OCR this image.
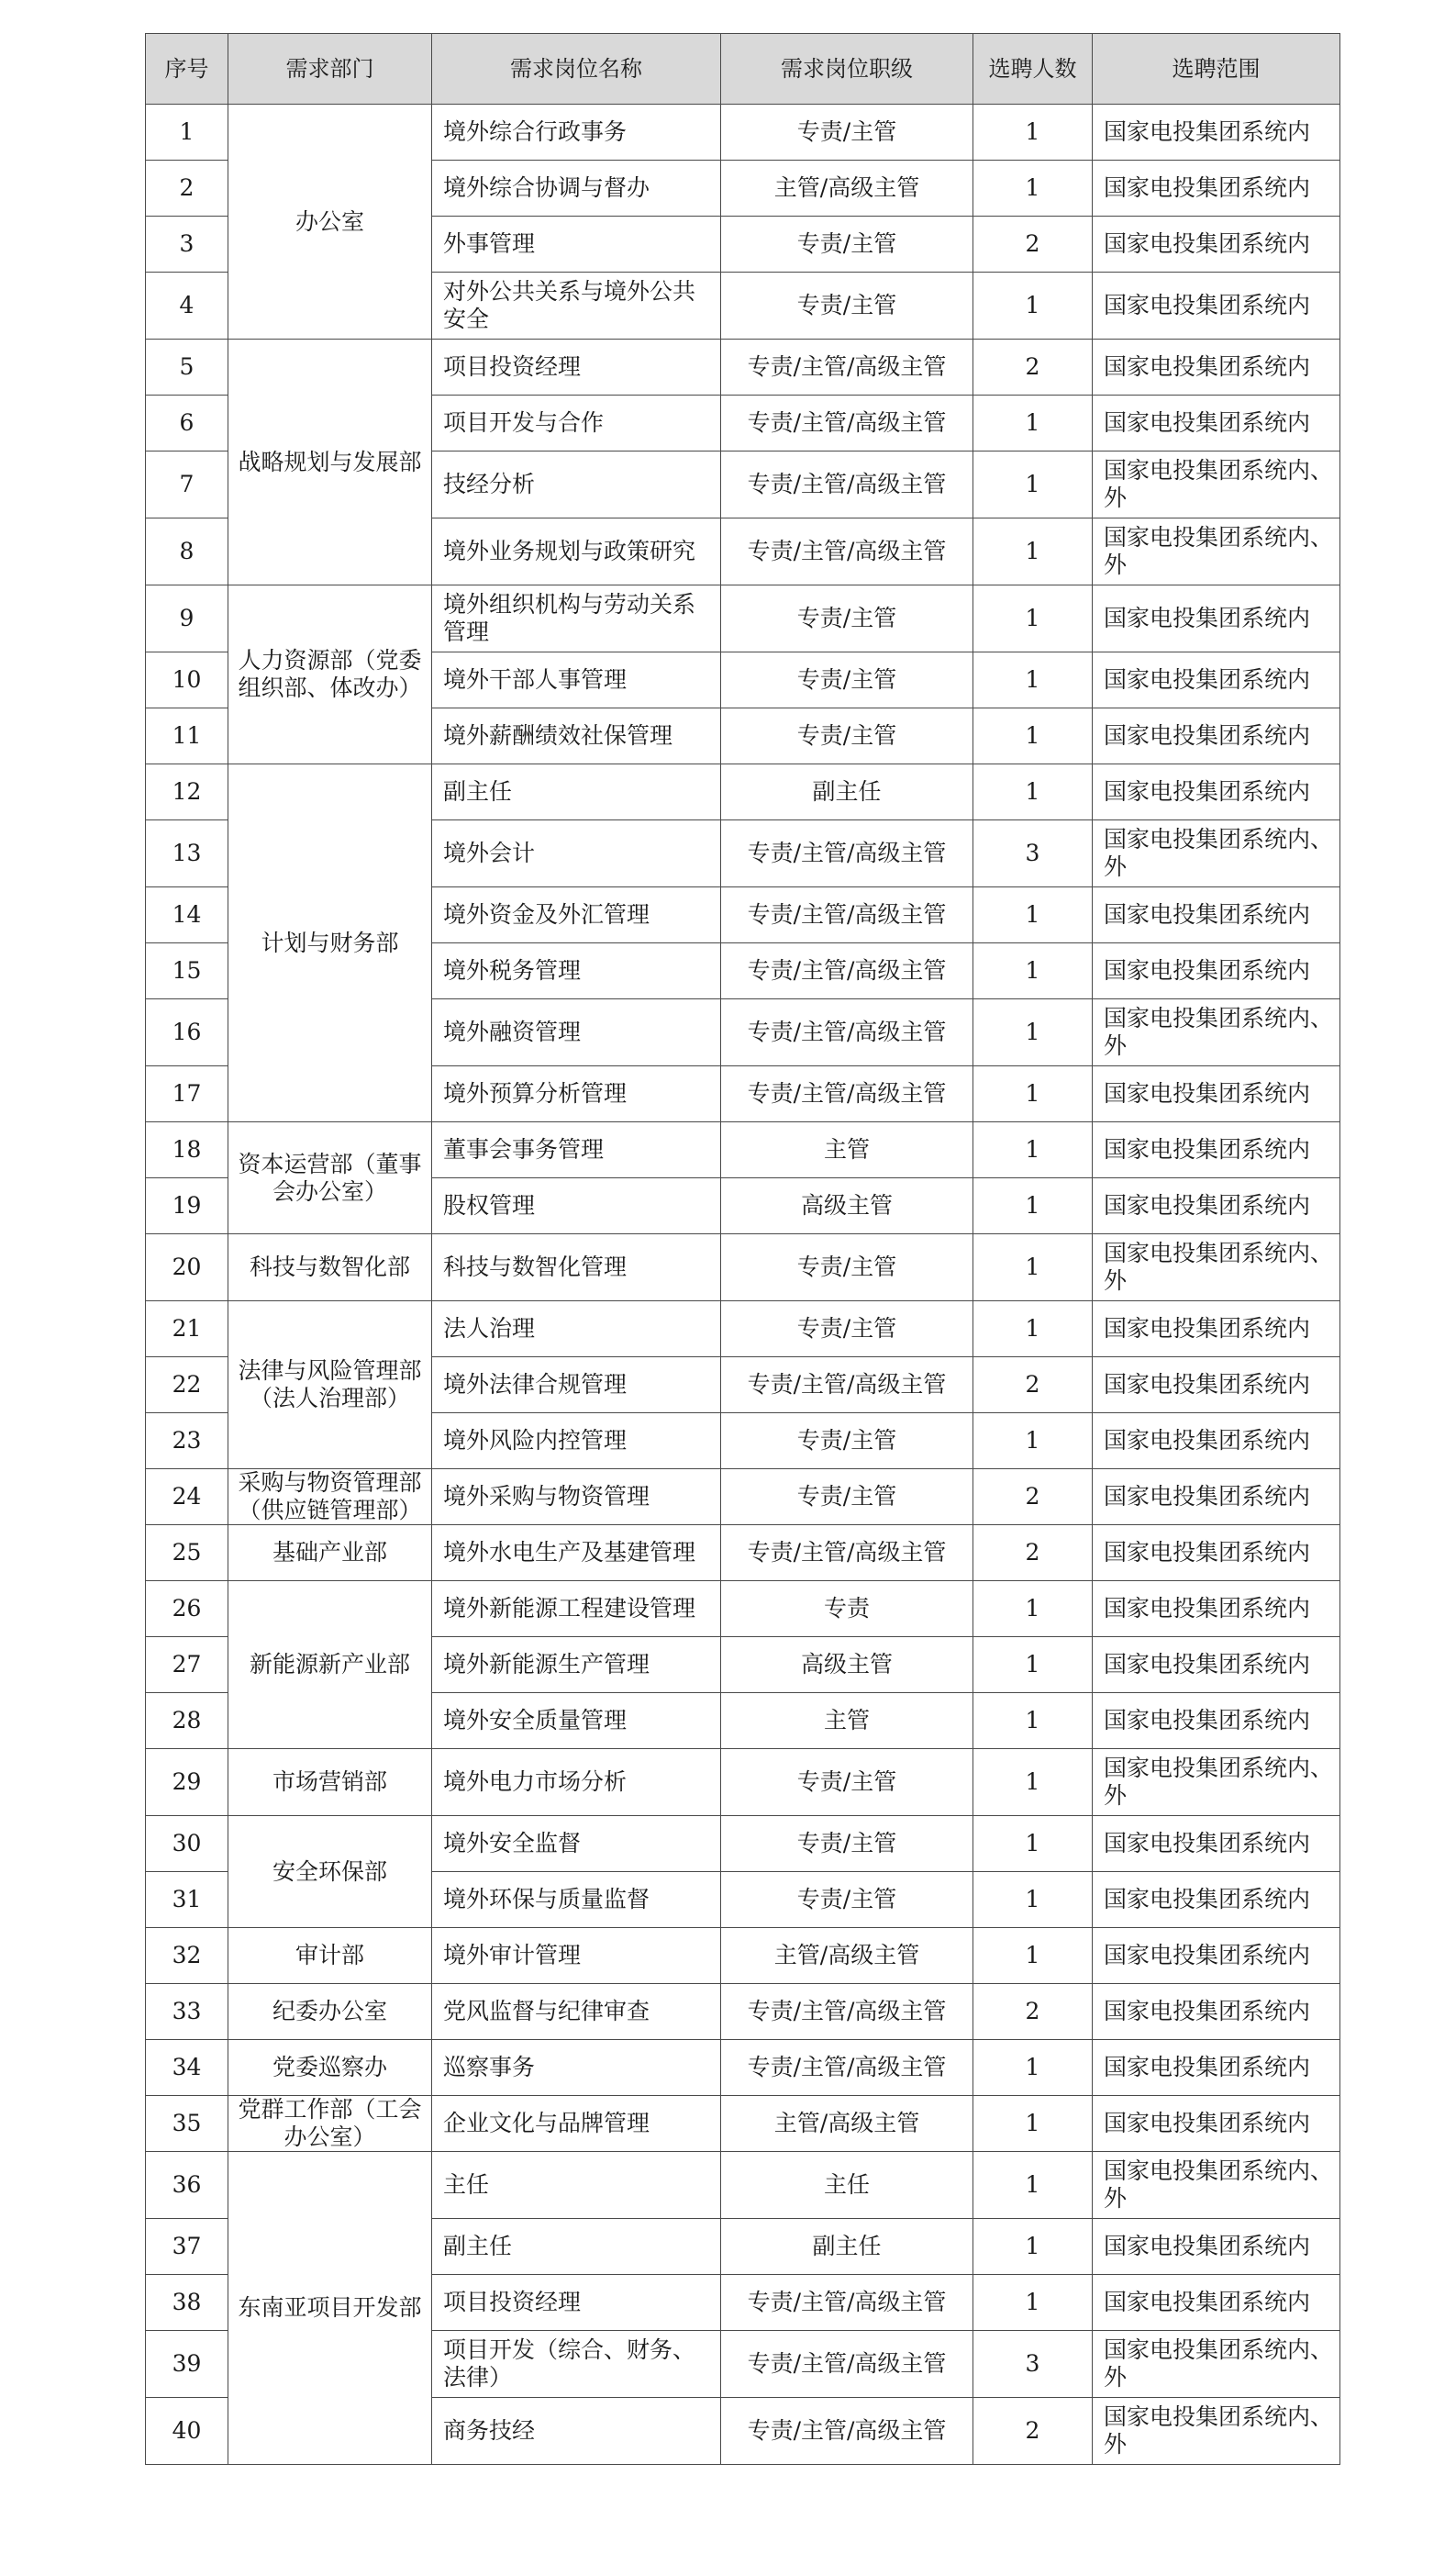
序号	需求部门	需求岗位名称	需求岗位职级	选聘人数	选聘范围
1	办公室	境外综合行政事务	专责/主管	1	国家电投集团系统内
2		境外综合协调与督办	主管/高级主管	1	国家电投集团系统内
3		外事管理	专责/主管	2	国家电投集团系统内
4		对外公共关系与境外公共安全	专责/主管	1	国家电投集团系统内
5	战略规划与发展部	项目投资经理	专责/主管/高级主管	2	国家电投集团系统内
6		项目开发与合作	专责/主管/高级主管	1	国家电投集团系统内
7		技经分析	专责/主管/高级主管	1	国家电投集团系统内、外
8		境外业务规划与政策研究	专责/主管/高级主管	1	国家电投集团系统内、外
9	人力资源部（党委组织部、体改办）	境外组织机构与劳动关系管理	专责/主管	1	国家电投集团系统内
10		境外干部人事管理	专责/主管	1	国家电投集团系统内
11		境外薪酬绩效社保管理	专责/主管	1	国家电投集团系统内
12	计划与财务部	副主任	副主任	1	国家电投集团系统内
13		境外会计	专责/主管/高级主管	3	国家电投集团系统内、外
14		境外资金及外汇管理	专责/主管/高级主管	1	国家电投集团系统内
15		境外税务管理	专责/主管/高级主管	1	国家电投集团系统内
16		境外融资管理	专责/主管/高级主管	1	国家电投集团系统内、外
17		境外预算分析管理	专责/主管/高级主管	1	国家电投集团系统内
18	资本运营部（董事会办公室）	董事会事务管理	主管	1	国家电投集团系统内
19		股权管理	高级主管	1	国家电投集团系统内
20	科技与数智化部	科技与数智化管理	专责/主管	1	国家电投集团系统内、外
21	法律与风险管理部（法人治理部）	法人治理	专责/主管	1	国家电投集团系统内
22		境外法律合规管理	专责/主管/高级主管	2	国家电投集团系统内
23		境外风险内控管理	专责/主管	1	国家电投集团系统内
24	采购与物资管理部（供应链管理部）	境外采购与物资管理	专责/主管	2	国家电投集团系统内
25	基础产业部	境外水电生产及基建管理	专责/主管/高级主管	2	国家电投集团系统内
26	新能源新产业部	境外新能源工程建设管理	专责	1	国家电投集团系统内
27		境外新能源生产管理	高级主管	1	国家电投集团系统内
28		境外安全质量管理	主管	1	国家电投集团系统内
29	市场营销部	境外电力市场分析	专责/主管	1	国家电投集团系统内、外
30	安全环保部	境外安全监督	专责/主管	1	国家电投集团系统内
31		境外环保与质量监督	专责/主管	1	国家电投集团系统内
32	审计部	境外审计管理	主管/高级主管	1	国家电投集团系统内
33	纪委办公室	党风监督与纪律审查	专责/主管/高级主管	2	国家电投集团系统内
34	党委巡察办	巡察事务	专责/主管/高级主管	1	国家电投集团系统内
35	党群工作部（工会办公室）	企业文化与品牌管理	主管/高级主管	1	国家电投集团系统内
36	东南亚项目开发部	主任	主任	1	国家电投集团系统内、外
37		副主任	副主任	1	国家电投集团系统内
38		项目投资经理	专责/主管/高级主管	1	国家电投集团系统内
39		项目开发（综合、财务、法律）	专责/主管/高级主管	3	国家电投集团系统内、外
40		商务技经	专责/主管/高级主管	2	国家电投集团系统内、外
